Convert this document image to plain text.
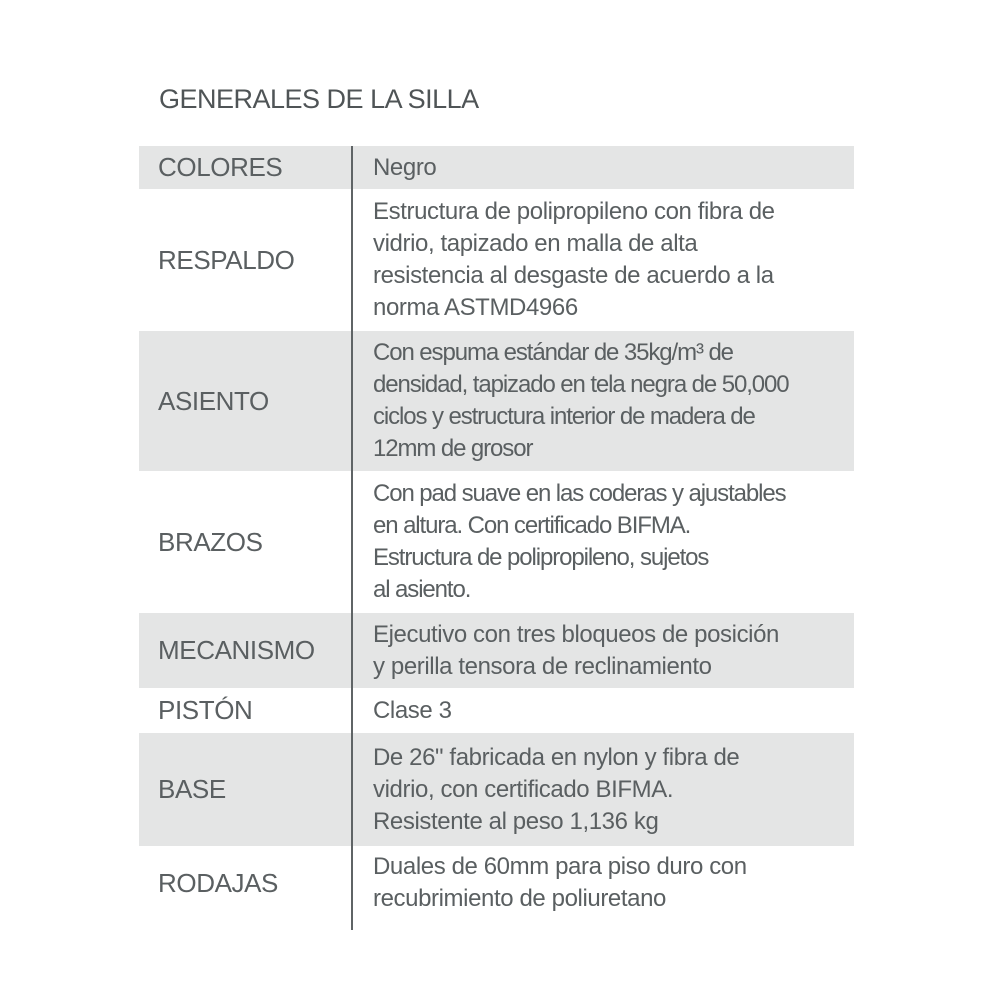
GENERALES DE LA SILLA
COLORES	Negro
RESPALDO
Estructura de polipropileno con fibra de
vidrio, tapizado en malla de alta
resistencia al desgaste de acuerdo a la
norma ASTMD4966
ASIENTO
Con espuma estándar de 35kg/m³ de
densidad, tapizado en tela negra de 50,000
ciclos y estructura interior de madera de
12mm de grosor
BRAZOS
Con pad suave en las coderas y ajustables
en altura. Con certificado BIFMA.
Estructura de polipropileno, sujetos
al asiento.
MECANISMO
Ejecutivo con tres bloqueos de posición
y perilla tensora de reclinamiento
PISTÓN	Clase 3
BASE
De 26" fabricada en nylon y fibra de
vidrio, con certificado BIFMA.
Resistente al peso 1,136 kg
RODAJAS
Duales de 60mm para piso duro con
recubrimiento de poliuretano
